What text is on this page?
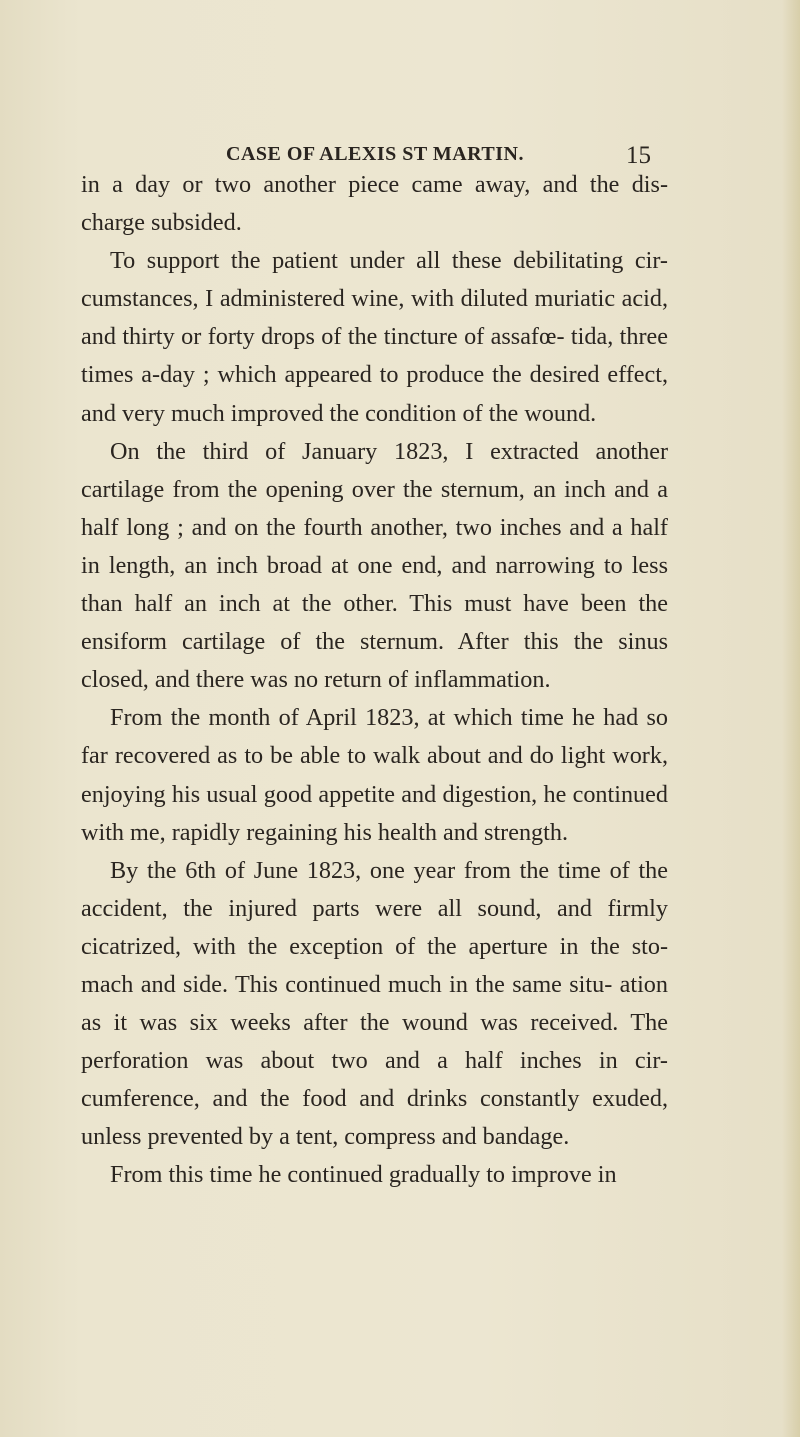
CASE OF ALEXIS ST MARTIN.	15

in a day or two another piece came away, and the dis- charge subsided.

To support the patient under all these debilitating cir- cumstances, I administered wine, with diluted muriatic acid, and thirty or forty drops of the tincture of assafœ- tida, three times a-day ; which appeared to produce the desired effect, and very much improved the condition of the wound.

On the third of January 1823, I extracted another cartilage from the opening over the sternum, an inch and a half long ; and on the fourth another, two inches and a half in length, an inch broad at one end, and narrowing to less than half an inch at the other. This must have been the ensiform cartilage of the sternum. After this the sinus closed, and there was no return of inflammation.

From the month of April 1823, at which time he had so far recovered as to be able to walk about and do light work, enjoying his usual good appetite and digestion, he continued with me, rapidly regaining his health and strength.

By the 6th of June 1823, one year from the time of the accident, the injured parts were all sound, and firmly cicatrized, with the exception of the aperture in the sto- mach and side. This continued much in the same situ- ation as it was six weeks after the wound was received. The perforation was about two and a half inches in cir- cumference, and the food and drinks constantly exuded, unless prevented by a tent, compress and bandage.

From this time he continued gradually to improve in
